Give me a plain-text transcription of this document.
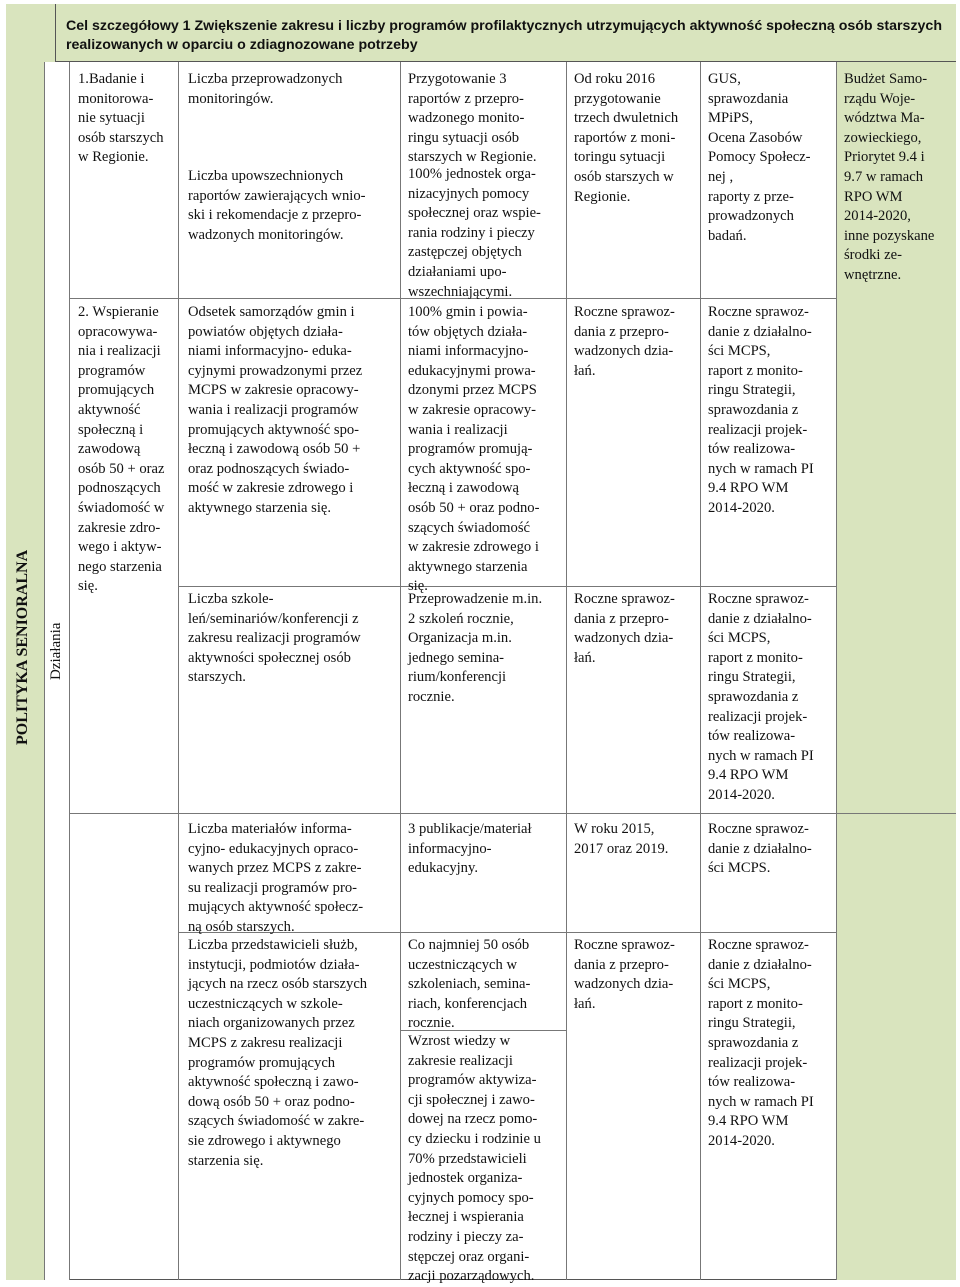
Cel szczegółowy 1 Zwiększenie zakresu i liczby programów profilaktycznych utrzymujących aktywność społeczną osób starszych realizowanych w oparciu o zdiagnozowane potrzeby
POLITYKA SENIORALNA Działania
1.Badanie i
monitorowa-
nie sytuacji
osób starszych
w Regionie.
Liczba przeprowadzonych
monitoringów.
Liczba upowszechnionych
raportów zawierających wnio-
ski i rekomendacje z przepro-
wadzonych monitoringów.
Przygotowanie 3
raportów z przepro-
wadzonego monito-
ringu sytuacji osób
starszych w Regionie.
100% jednostek orga-
nizacyjnych pomocy
społecznej oraz wspie-
rania rodziny i pieczy
zastępczej objętych
działaniami upo-
wszechniającymi.
Od roku 2016
przygotowanie
trzech dwuletnich
raportów z moni-
toringu sytuacji
osób starszych w
Regionie.
GUS,
sprawozdania
MPiPS,
Ocena Zasobów
Pomocy Społecz-
nej ,
raporty z prze-
prowadzonych
badań.
Budżet Samo-
rządu Woje-
wództwa Ma-
zowieckiego,
Priorytet 9.4 i
9.7 w ramach
RPO WM
2014-2020,
inne pozyskane
środki ze-
wnętrzne.
2. Wspieranie
opracowywa-
nia i realizacji
programów
promujących
aktywność
społeczną i
zawodową
osób 50 + oraz
podnoszących
świadomość w
zakresie zdro-
wego i aktyw-
nego starzenia
się.
Odsetek samorządów gmin i
powiatów objętych działa-
niami informacyjno- eduka-
cyjnymi prowadzonymi przez
MCPS w zakresie opracowy-
wania i realizacji programów
promujących aktywność spo-
łeczną i zawodową osób 50 +
oraz podnoszących świado-
mość w zakresie zdrowego i
aktywnego starzenia się.
100% gmin i powia-
tów objętych działa-
niami informacyjno-
edukacyjnymi prowa-
dzonymi przez MCPS
w zakresie opracowy-
wania i realizacji
programów promują-
cych aktywność spo-
łeczną i zawodową
osób 50 + oraz podno-
szących świadomość
w zakresie zdrowego i
aktywnego starzenia
się.
Roczne sprawoz-
dania z przepro-
wadzonych dzia-
łań.
Roczne sprawoz-
danie z działalno-
ści MCPS,
raport z monito-
ringu Strategii,
sprawozdania z
realizacji projek-
tów realizowa-
nych w ramach PI
9.4 RPO WM
2014-2020.
Liczba szkole-
leń/seminariów/konferencji z
zakresu realizacji programów
aktywności społecznej osób
starszych.
Przeprowadzenie m.in.
2 szkoleń rocznie,
Organizacja m.in.
jednego semina-
rium/konferencji
rocznie.
Roczne sprawoz-
dania z przepro-
wadzonych dzia-
łań.
Roczne sprawoz-
danie z działalno-
ści MCPS,
raport z monito-
ringu Strategii,
sprawozdania z
realizacji projek-
tów realizowa-
nych w ramach PI
9.4 RPO WM
2014-2020.
Liczba materiałów informa-
cyjno- edukacyjnych opraco-
wanych przez MCPS z zakre-
su realizacji programów pro-
mujących aktywność społecz-
ną osób starszych.
3 publikacje/materiał
informacyjno-
edukacyjny.
W roku 2015,
2017 oraz 2019.
Roczne sprawoz-
danie z działalno-
ści MCPS.
Liczba przedstawicieli służb,
instytucji, podmiotów działa-
jących na rzecz osób starszych
uczestniczących w szkole-
niach organizowanych przez
MCPS z zakresu realizacji
programów promujących
aktywność społeczną i zawo-
dową osób 50 + oraz podno-
szących świadomość w zakre-
sie zdrowego i aktywnego
starzenia się.
Co najmniej 50 osób
uczestniczących w
szkoleniach, semina-
riach, konferencjach
rocznie.
Wzrost wiedzy w
zakresie realizacji
programów aktywiza-
cji społecznej i zawo-
dowej na rzecz pomo-
cy dziecku i rodzinie u
70% przedstawicieli
jednostek organiza-
cyjnych pomocy spo-
łecznej i wspierania
rodziny i pieczy za-
stępczej oraz organi-
zacji pozarządowych.
Roczne sprawoz-
dania z przepro-
wadzonych dzia-
łań.
Roczne sprawoz-
danie z działalno-
ści MCPS,
raport z monito-
ringu Strategii,
sprawozdania z
realizacji projek-
tów realizowa-
nych w ramach PI
9.4 RPO WM
2014-2020.
